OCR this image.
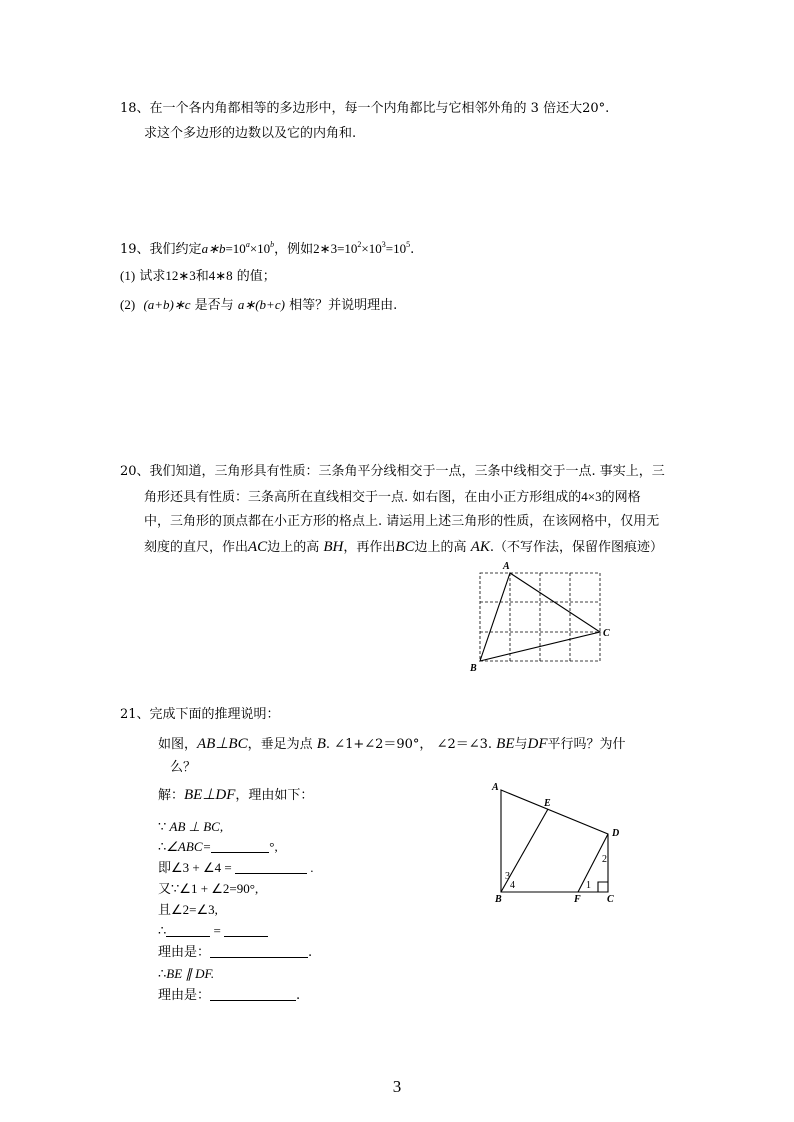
18、在一个各内角都相等的多边形中，每一个内角都比与它相邻外角的 3 倍还大20°.
求这个多边形的边数以及它的内角和.
19、我们约定$a∗b=10^a\times 10^b$，例如$2∗3=10^2\times 10^3=10^5$.
(1) 试求12∗3和4∗8 的值；
(2) (a+b)∗c 是否与 a∗(b+c) 相等？并说明理由.
20、我们知道，三角形具有性质：三条角平分线相交于一点，三条中线相交于一点. 事实上，三
角形还具有性质：三条高所在直线相交于一点. 如右图，在由小正方形组成的4×3的网格
中，三角形的顶点都在小正方形的格点上. 请运用上述三角形的性质，在该网格中，仅用无
刻度的直尺，作出AC边上的高 BH，再作出BC边上的高 AK.（不写作法，保留作图痕迹）
A
B
C
21、完成下面的推理说明：
如图，AB⊥BC，垂足为点 B. ∠1+∠2＝90°， ∠2＝∠3. BE与DF平行吗？为什
么？
解：BE⊥DF，理由如下：
∵ AB ⊥ BC,
∴∠ABC=	°,
即∠3 + ∠4 =	.
又∵∠1 + ∠2=90°,
且∠2=∠3,
∴	=
理由是：	.
∴BE ∥ DF.
理由是：	.
A
E
D
B	F	C
1
2
3
4
3
